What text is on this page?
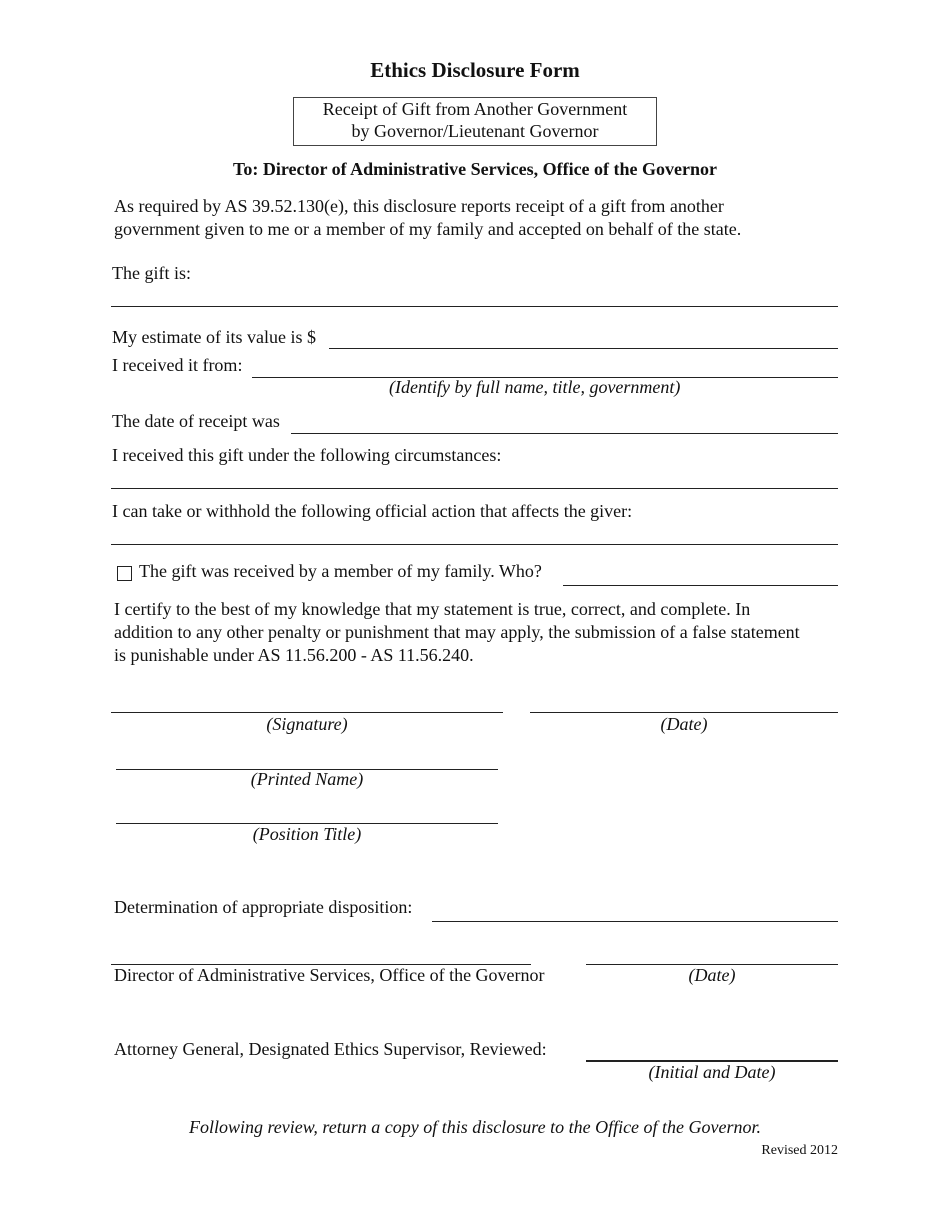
Ethics Disclosure Form
Receipt of Gift from Another Government
by Governor/Lieutenant Governor
To: Director of Administrative Services, Office of the Governor
As required by AS 39.52.130(e), this disclosure reports receipt of a gift from another
government given to me or a member of my family and accepted on behalf of the state.
The gift is:
My estimate of its value is $
I received it from:
(Identify by full name, title, government)
The date of receipt was
I received this gift under the following circumstances:
I can take or withhold the following official action that affects the giver:
The gift was received by a member of my family. Who?
I certify to the best of my knowledge that my statement is true, correct, and complete. In
addition to any other penalty or punishment that may apply, the submission of a false statement
is punishable under AS 11.56.200 - AS 11.56.240.
(Signature)	(Date)
(Printed Name)
(Position Title)
Determination of appropriate disposition:
Director of Administrative Services, Office of the Governor	(Date)
Attorney General, Designated Ethics Supervisor, Reviewed:
(Initial and Date)
Following review, return a copy of this disclosure to the Office of the Governor.
Revised 2012
